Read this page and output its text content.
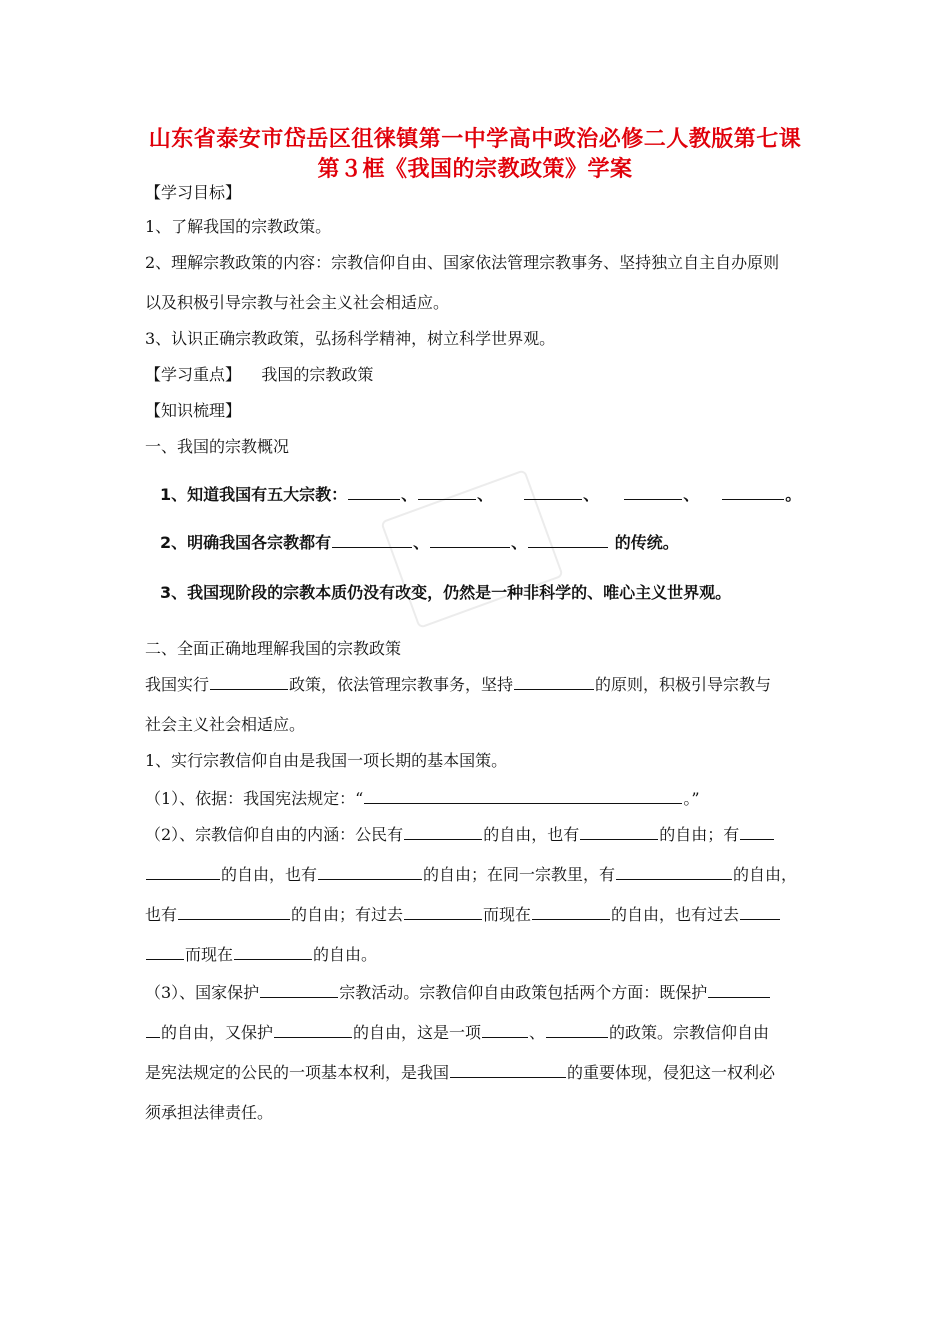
山东省泰安市岱岳区徂徕镇第一中学高中政治必修二人教版第七课
第３框《我国的宗教政策》学案
【学习目标】
1、了解我国的宗教政策。
2、理解宗教政策的内容：宗教信仰自由、国家依法管理宗教事务、坚持独立自主自办原则
以及积极引导宗教与社会主义社会相适应。
3、认识正确宗教政策，弘扬科学精神，树立科学世界观。
【学习重点】 我国的宗教政策
【知识梳理】
一、我国的宗教概况
1、知道我国有五大宗教：	、	、	、	、	。
2、明确我国各宗教都有	、	、	的传统。
3、我国现阶段的宗教本质仍没有改变，仍然是一种非科学的、唯心主义世界观。
二、全面正确地理解我国的宗教政策
我国实行	政策，依法管理宗教事务，坚持	的原则，积极引导宗教与
社会主义社会相适应。
1、实行宗教信仰自由是我国一项长期的基本国策。
（1）、依据：我国宪法规定：“	。”
（2）、宗教信仰自由的内涵：公民有	的自由，也有	的自由；有
的自由，也有	的自由；在同一宗教里，有	的自由，
也有	的自由；有过去	而现在	的自由，也有过去
而现在	的自由。
（3）、国家保护	宗教活动。宗教信仰自由政策包括两个方面：既保护
的自由，又保护	的自由，这是一项	、	的政策。宗教信仰自由
是宪法规定的公民的一项基本权利，是我国	的重要体现，侵犯这一权利必
须承担法律责任。
